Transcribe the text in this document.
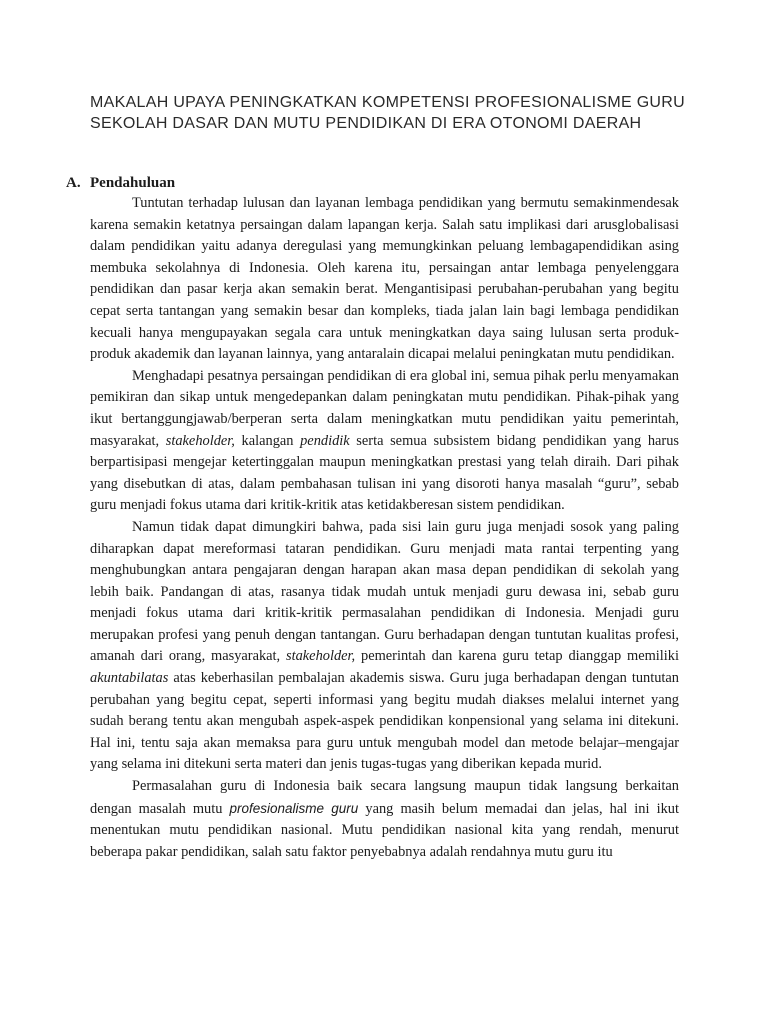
MAKALAH UPAYA PENINGKATKAN KOMPETENSI PROFESIONALISME GURU SEKOLAH DASAR DAN MUTU PENDIDIKAN DI ERA OTONOMI DAERAH
A. Pendahuluan

Tuntutan terhadap lulusan dan layanan lembaga pendidikan yang bermutu semakinmendesak karena semakin ketatnya persaingan dalam lapangan kerja. Salah satu implikasi dari arusglobalisasi dalam pendidikan yaitu adanya deregulasi yang memungkinkan peluang lembagapendidikan asing membuka sekolahnya di Indonesia. Oleh karena itu, persaingan antar lembaga penyelenggara pendidikan dan pasar kerja akan semakin berat. Mengantisipasi perubahan-perubahan yang begitu cepat serta tantangan yang semakin besar dan kompleks, tiada jalan lain bagi lembaga pendidikan kecuali hanya mengupayakan segala cara untuk meningkatkan daya saing lulusan serta produk-produk akademik dan layanan lainnya, yang antaralain dicapai melalui peningkatan mutu pendidikan.

Menghadapi pesatnya persaingan pendidikan di era global ini, semua pihak perlu menyamakan pemikiran dan sikap untuk mengedepankan dalam peningkatan mutu pendidikan. Pihak-pihak yang ikut bertanggungjawab/berperan serta dalam meningkatkan mutu pendidikan yaitu pemerintah, masyarakat, stakeholder, kalangan pendidik serta semua subsistem bidang pendidikan yang harus berpartisipasi mengejar ketertinggalan maupun meningkatkan prestasi yang telah diraih. Dari pihak yang disebutkan di atas, dalam pembahasan tulisan ini yang disoroti hanya masalah “guru”, sebab guru menjadi fokus utama dari kritik-kritik atas ketidakberesan sistem pendidikan.

Namun tidak dapat dimungkiri bahwa, pada sisi lain guru juga menjadi sosok yang paling diharapkan dapat mereformasi tataran pendidikan. Guru menjadi mata rantai terpenting yang menghubungkan antara pengajaran dengan harapan akan masa depan pendidikan di sekolah yang lebih baik. Pandangan di atas, rasanya tidak mudah untuk menjadi guru dewasa ini, sebab guru menjadi fokus utama dari kritik-kritik permasalahan pendidikan di Indonesia. Menjadi guru merupakan profesi yang penuh dengan tantangan. Guru berhadapan dengan tuntutan kualitas profesi, amanah dari orang, masyarakat, stakeholder, pemerintah dan karena guru tetap dianggap memiliki akuntabilatas atas keberhasilan pembalajan akademis siswa. Guru juga berhadapan dengan tuntutan perubahan yang begitu cepat, seperti informasi yang begitu mudah diakses melalui internet yang sudah berang tentu akan mengubah aspek-aspek pendidikan konpensional yang selama ini ditekuni. Hal ini, tentu saja akan memaksa para guru untuk mengubah model dan metode belajar–mengajar yang selama ini ditekuni serta materi dan jenis tugas-tugas yang diberikan kepada murid.

Permasalahan guru di Indonesia baik secara langsung maupun tidak langsung berkaitan dengan masalah mutu profesionalisme guru yang masih belum memadai dan jelas, hal ini ikut menentukan mutu pendidikan nasional. Mutu pendidikan nasional kita yang rendah, menurut beberapa pakar pendidikan, salah satu faktor penyebabnya adalah rendahnya mutu guru itu
